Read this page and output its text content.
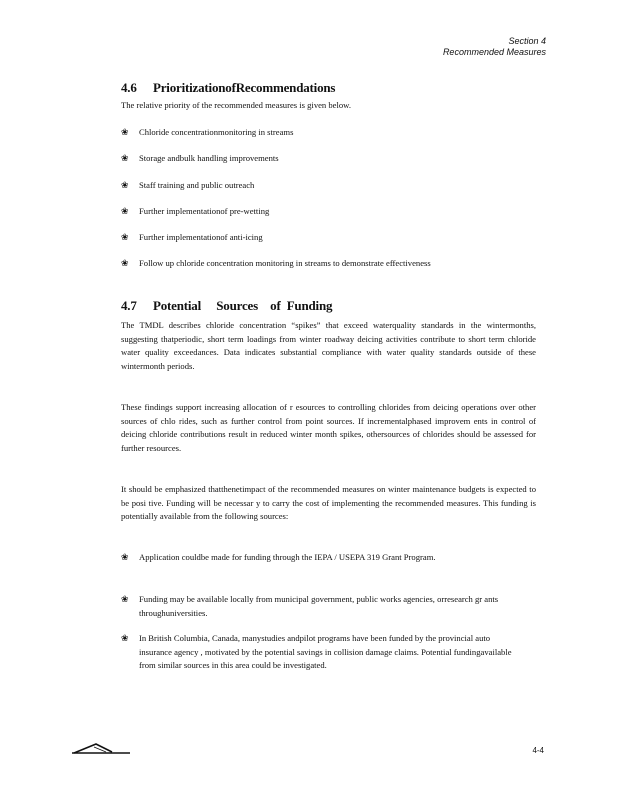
Section 4
Recommended Measures
4.6 PrioritizationofRecommendations

The relative priority of the recommended measures is given below.

❀ Chloride concentrationmonitoring in streams
❀ Storage andbulk handling improvements
❀ Staff training and public outreach
❀ Further implementationof pre-wetting
❀ Further implementationof anti-icing
❀ Follow up chloride concentration monitoring in streams to demonstrate effectiveness
4.7 Potential     Sources    of  Funding

The TMDL describes chloride concentration “spikes” that exceed waterquality standards in the wintermonths, suggesting thatperiodic, short term loadings from winter roadway deicing activities contribute to short term chloride water quality exceedances. Data indicates substantial compliance with water quality standards outside of these wintermonth periods.

These findings support increasing allocation of r esources to controlling chlorides from deicing operations over other sources of chlo rides, such as further control from point sources. If incrementalphased improvem ents in control of deicing chloride contributions result in reduced winter month spikes, othersources of chlorides should be assessed for further resources.

It should be emphasized thatthenetimpact of the recommended measures on winter maintenance budgets is expected to be posi tive. Funding will be necessar y to carry the cost of implementing the recommended measures. This funding is potentially available from the following sources:

❀ Application couldbe made for funding through the IEPA / USEPA 319 Grant Program.
❀ Funding may be available locally from municipal government, public works agencies, orresearch gr ants throughuniversities.
❀ In British Columbia, Canada, manystudies andpilot programs have been funded by the provincial auto insurance agency , motivated by the potential savings in collision damage claims. Potential fundingavailable from similar sources in this area could be investigated.
4-4
